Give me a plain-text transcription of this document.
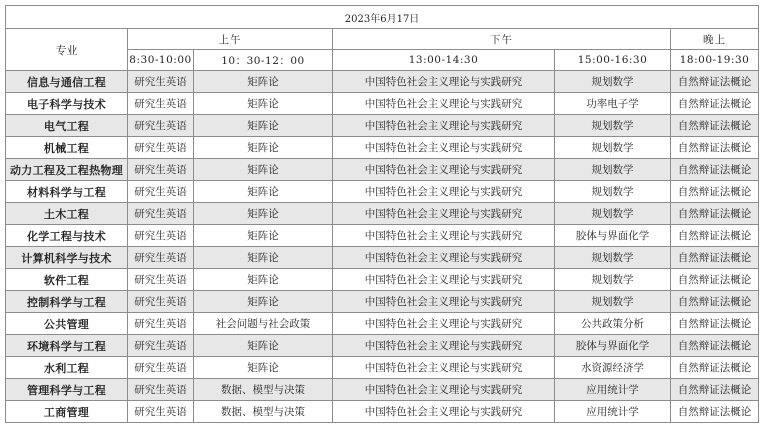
2023年6月17日					
专业	上午		下午		晚上
	8:30-10:00	10：30-12：00	13:00-14:30	15:00-16:30	18:00-19:30
信息与通信工程	研究生英语	矩阵论	中国特色社会主义理论与实践研究	规划数学	自然辩证法概论
电子科学与技术	研究生英语	矩阵论	中国特色社会主义理论与实践研究	功率电子学	自然辩证法概论
电气工程	研究生英语	矩阵论	中国特色社会主义理论与实践研究	规划数学	自然辩证法概论
机械工程	研究生英语	矩阵论	中国特色社会主义理论与实践研究	规划数学	自然辩证法概论
动力工程及工程热物理	研究生英语	矩阵论	中国特色社会主义理论与实践研究	规划数学	自然辩证法概论
材料科学与工程	研究生英语	矩阵论	中国特色社会主义理论与实践研究	规划数学	自然辩证法概论
土木工程	研究生英语	矩阵论	中国特色社会主义理论与实践研究	规划数学	自然辩证法概论
化学工程与技术	研究生英语	矩阵论	中国特色社会主义理论与实践研究	胶体与界面化学	自然辩证法概论
计算机科学与技术	研究生英语	矩阵论	中国特色社会主义理论与实践研究	规划数学	自然辩证法概论
软件工程	研究生英语	矩阵论	中国特色社会主义理论与实践研究	规划数学	自然辩证法概论
控制科学与工程	研究生英语	矩阵论	中国特色社会主义理论与实践研究	规划数学	自然辩证法概论
公共管理	研究生英语	社会问题与社会政策	中国特色社会主义理论与实践研究	公共政策分析	自然辩证法概论
环境科学与工程	研究生英语	矩阵论	中国特色社会主义理论与实践研究	胶体与界面化学	自然辩证法概论
水利工程	研究生英语	矩阵论	中国特色社会主义理论与实践研究	水资源经济学	自然辩证法概论
管理科学与工程	研究生英语	数据、模型与决策	中国特色社会主义理论与实践研究	应用统计学	自然辩证法概论
工商管理	研究生英语	数据、模型与决策	中国特色社会主义理论与实践研究	应用统计学	自然辩证法概论
